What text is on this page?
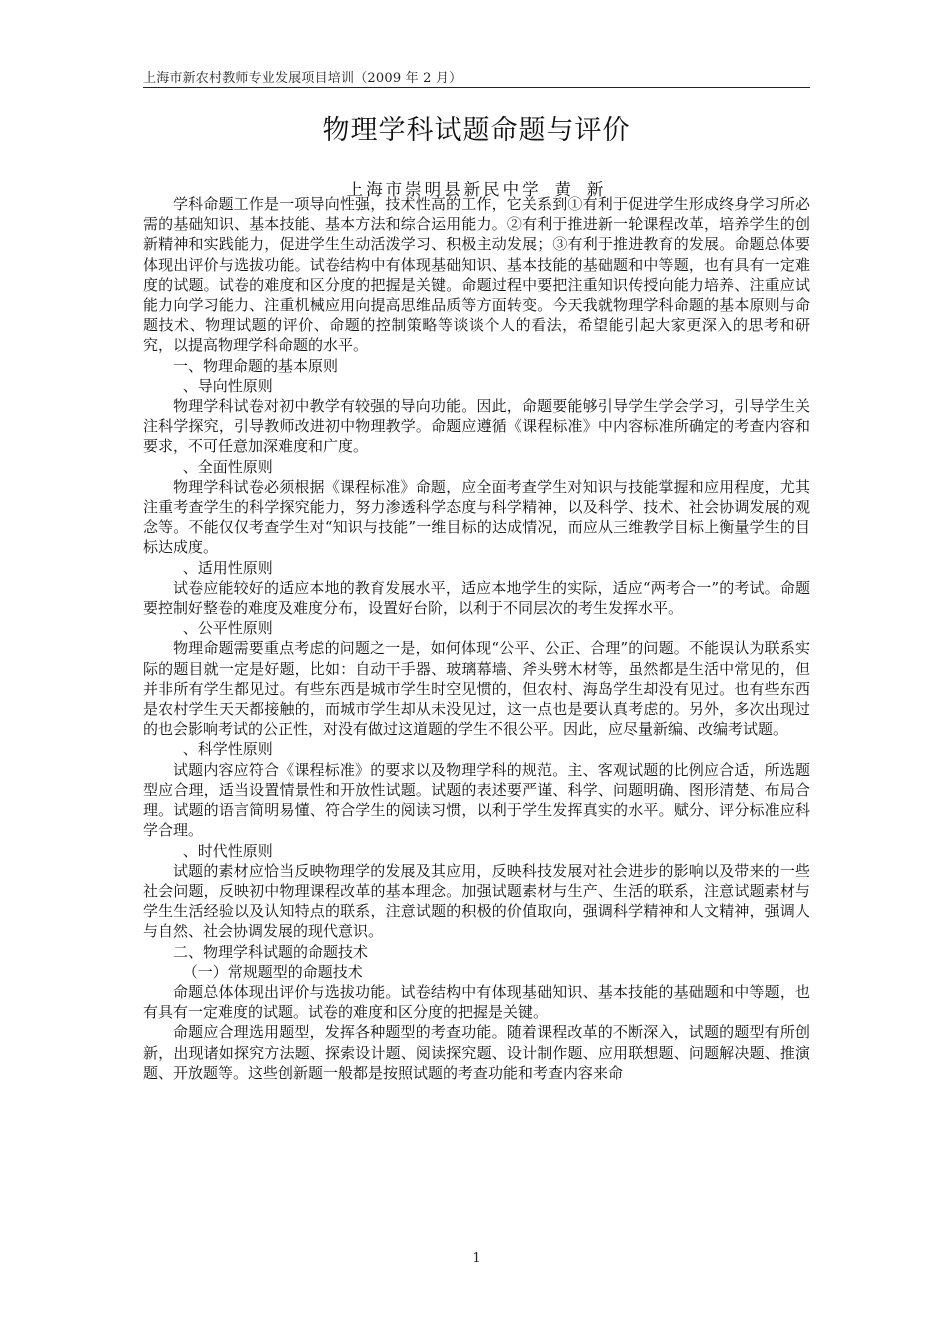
上海市新农村教师专业发展项目培训（2009 年 2 月）
物理学科试题命题与评价
上海市崇明县新民中学 黄 新

学科命题工作是一项导向性强，技术性高的工作，它关系到①有利于促进学生形成终身学习所必需的基础知识、基本技能、基本方法和综合运用能力。②有利于推进新一轮课程改革，培养学生的创新精神和实践能力，促进学生生动活泼学习、积极主动发展；③有利于推进教育的发展。命题总体要体现出评价与选拔功能。试卷结构中有体现基础知识、基本技能的基础题和中等题，也有具有一定难度的试题。试卷的难度和区分度的把握是关键。命题过程中要把注重知识传授向能力培养、注重应试能力向学习能力、注重机械应用向提高思维品质等方面转变。今天我就物理学科命题的基本原则与命题技术、物理试题的评价、命题的控制策略等谈谈个人的看法，希望能引起大家更深入的思考和研究，以提高物理学科命题的水平。

一、物理命题的基本原则

、导向性原则

物理学科试卷对初中教学有较强的导向功能。因此，命题要能够引导学生学会学习，引导学生关注科学探究，引导教师改进初中物理教学。命题应遵循《课程标准》中内容标准所确定的考查内容和要求，不可任意加深难度和广度。

、全面性原则

物理学科试卷必须根据《课程标准》命题，应全面考查学生对知识与技能掌握和应用程度，尤其注重考查学生的科学探究能力，努力渗透科学态度与科学精神，以及科学、技术、社会协调发展的观念等。不能仅仅考查学生对“知识与技能”一维目标的达成情况，而应从三维教学目标上衡量学生的目标达成度。

、适用性原则

试卷应能较好的适应本地的教育发展水平，适应本地学生的实际，适应“两考合一”的考试。命题要控制好整卷的难度及难度分布，设置好台阶，以利于不同层次的考生发挥水平。

、公平性原则

物理命题需要重点考虑的问题之一是，如何体现“公平、公正、合理”的问题。不能误认为联系实际的题目就一定是好题，比如：自动干手器、玻璃幕墙、斧头劈木材等，虽然都是生活中常见的，但并非所有学生都见过。有些东西是城市学生时空见惯的，但农村、海岛学生却没有见过。也有些东西是农村学生天天都接触的，而城市学生却从未没见过，这一点也是要认真考虑的。另外，多次出现过的也会影响考试的公正性，对没有做过这道题的学生不很公平。因此，应尽量新编、改编考试题。

、科学性原则

试题内容应符合《课程标准》的要求以及物理学科的规范。主、客观试题的比例应合适，所选题型应合理，适当设置情景性和开放性试题。试题的表述要严谨、科学、问题明确、图形清楚、布局合理。试题的语言简明易懂、符合学生的阅读习惯，以利于学生发挥真实的水平。赋分、评分标准应科学合理。

、时代性原则

试题的素材应恰当反映物理学的发展及其应用，反映科技发展对社会进步的影响以及带来的一些社会问题，反映初中物理课程改革的基本理念。加强试题素材与生产、生活的联系，注意试题素材与学生生活经验以及认知特点的联系，注意试题的积极的价值取向，强调科学精神和人文精神，强调人与自然、社会协调发展的现代意识。

二、物理学科试题的命题技术

（一）常规题型的命题技术

命题总体体现出评价与选拔功能。试卷结构中有体现基础知识、基本技能的基础题和中等题，也有具有一定难度的试题。试卷的难度和区分度的把握是关键。

命题应合理选用题型，发挥各种题型的考查功能。随着课程改革的不断深入，试题的题型有所创新，出现诸如探究方法题、探索设计题、阅读探究题、设计制作题、应用联想题、问题解决题、推演题、开放题等。这些创新题一般都是按照试题的考查功能和考查内容来命

1
